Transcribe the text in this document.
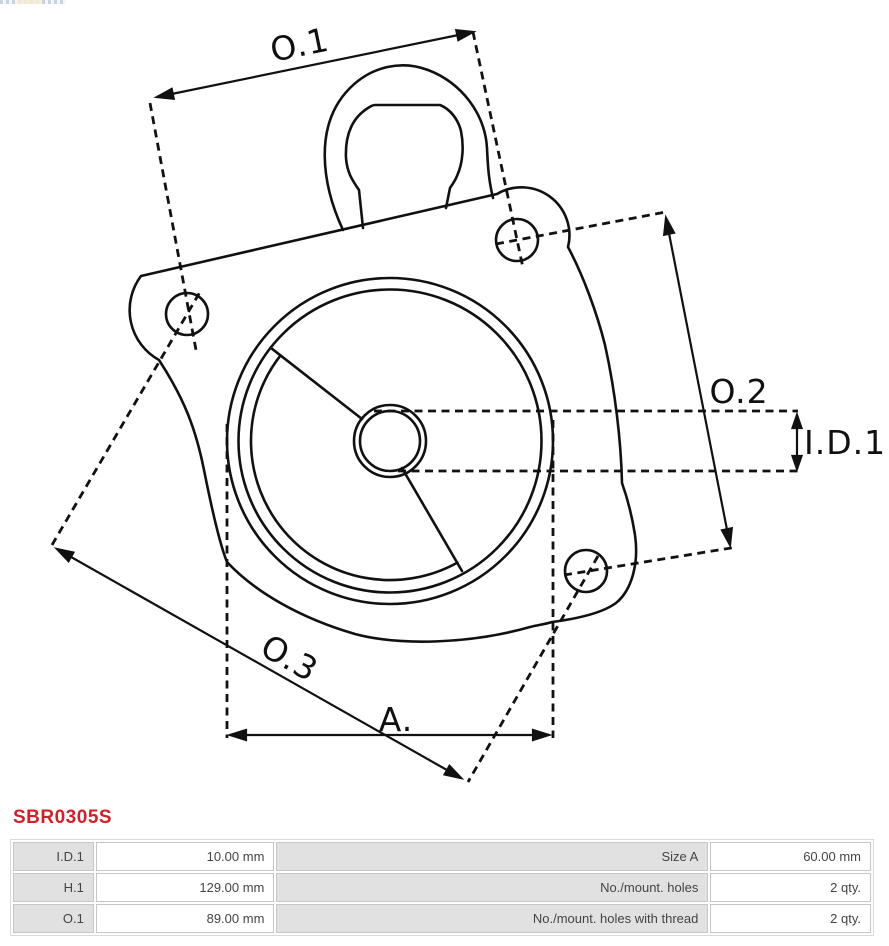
O.1
O.2
O.3
A.
I.D.1
SBR0305S
I.D.1	10.00 mm	Size A	60.00 mm
H.1	129.00 mm	No./mount. holes	2 qty.
O.1	89.00 mm	No./mount. holes with thread	2 qty.
